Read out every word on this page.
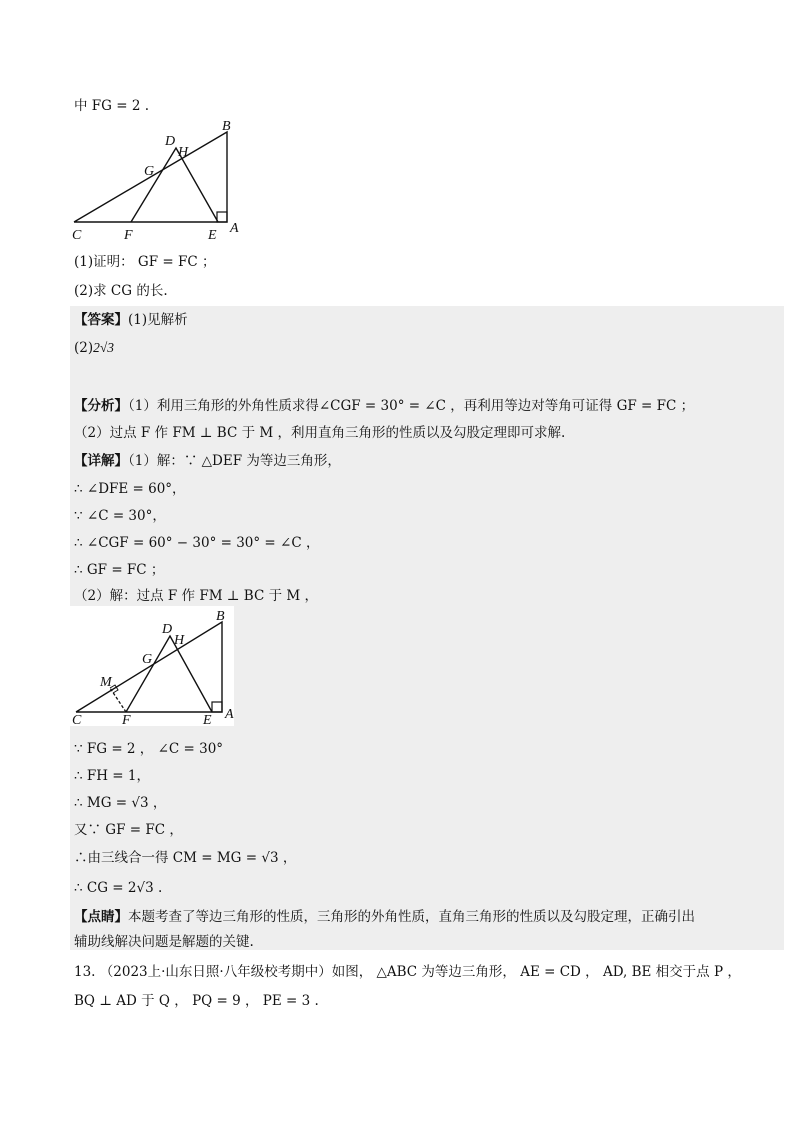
中 FG = 2 .
D
H
B
G
C	F	E A
(1)证明： GF = FC ；
(2)求 CG 的长.
【答案】(1)见解析
(2)2√3
【分析】（1）利用三角形的外角性质求得∠CGF = 30° = ∠C ，再利用等边对等角可证得 GF = FC ；
（2）过点 F 作 FM ⊥ BC 于 M ，利用直角三角形的性质以及勾股定理即可求解.
【详解】（1）解：∵ △DEF 为等边三角形，
∴ ∠DFE = 60°，
∵ ∠C = 30°，
∴ ∠CGF = 60° − 30° = 30° = ∠C ，
∴ GF = FC ；
（2）解：过点 F 作 FM ⊥ BC 于 M ，
D
H
B
G
M
C	F	E A
∵ FG = 2 ， ∠C = 30°
∴ FH = 1，
∴ MG = √3 ，
又∵ GF = FC ，
∴由三线合一得 CM = MG = √3 ，
∴ CG = 2√3 .
【点睛】本题考查了等边三角形的性质，三角形的外角性质，直角三角形的性质以及勾股定理，正确引出
辅助线解决问题是解题的关键.
13. （2023上·山东日照·八年级校考期中）如图， △ABC 为等边三角形， AE = CD ， AD, BE 相交于点 P ，
BQ ⊥ AD 于 Q ， PQ = 9 ， PE = 3 .
